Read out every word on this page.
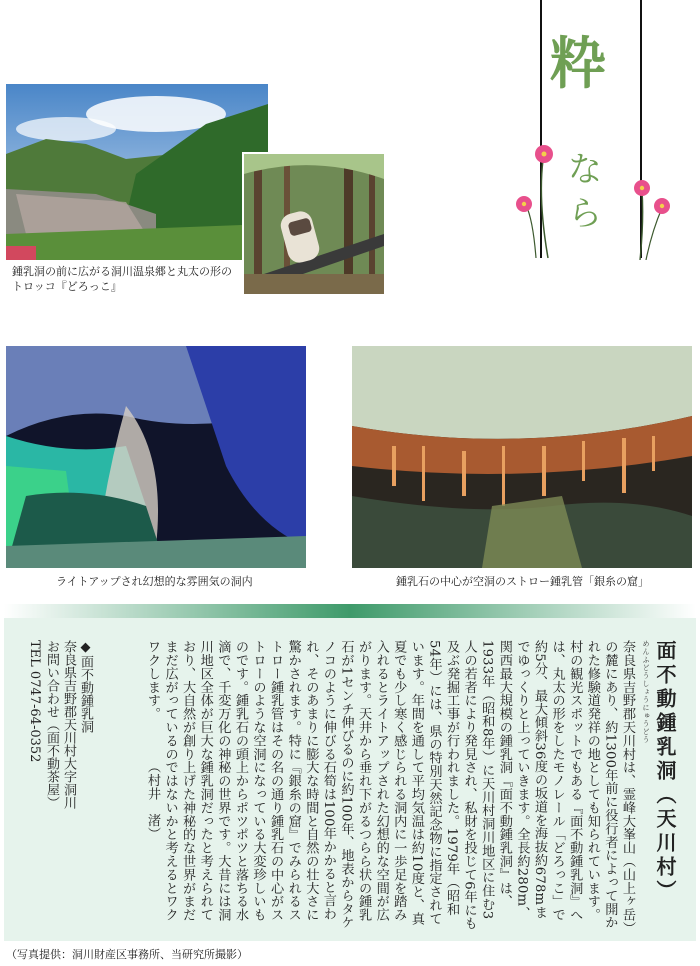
鍾乳洞の前に広がる洞川温泉郷と丸太の形の
トロッコ『どろっこ』
粋
な
ら
ライトアップされ幻想的な雰囲気の洞内	鍾乳石の中心が空洞のストロー鍾乳管「銀糸の窟」
面不動鍾乳洞（天川村）
めんふどうしょうにゅうどう
奈良県吉野郡天川村は、霊峰大峯山（山上ヶ岳）の麓にあり、約1300年前に役行者によって開かれた修験道発祥の地としても知られています。村の観光スポットでもある『面不動鍾乳洞』へは、丸太の形をしたモノレール「どろっこ」で約5分、最大傾斜36度の坂道を海抜約678mまでゆっくりと上っていきます。全長約280m、関西最大規模の鍾乳洞『面不動鍾乳洞』は、1933年（昭和8年）に天川村洞川地区に住む3人の若者により発見され、私財を投じて6年にも及ぶ発掘工事が行われました。1979年（昭和54年）には、県の特別天然記念物に指定されています。年間を通して平均気温は約10度と、真夏でも少し寒く感じられる洞内に一歩足を踏み入れるとライトアップされた幻想的な空間が広がります。天井から垂れ下がるつらら状の鍾乳石が1センチ伸びるのに約100年、地表からタケノコのように伸びる石筍は100年かかると言われ、そのあまりに膨大な時間と自然の壮大さに驚かされます。特に『銀糸の窟』でみられるストロー鍾乳管はその名の通り鍾乳石の中心がストローのような空洞になっている大変珍しいものです。鍾乳石の頭上からポツポツと落ちる水滴で、千変万化の神秘の世界です。大昔には洞川地区全体が巨大な鍾乳洞だったと考えられており、大自然が創り上げた神秘的な世界がまだまだ広がっているのではないかと考えるとワクワクします。（村井　渚）
◆面不動鍾乳洞
奈良県吉野郡天川村大字洞川
お問い合わせ（面不動茶屋）
TEL 0747-64-0352
（写真提供：洞川財産区事務所、当研究所撮影）
